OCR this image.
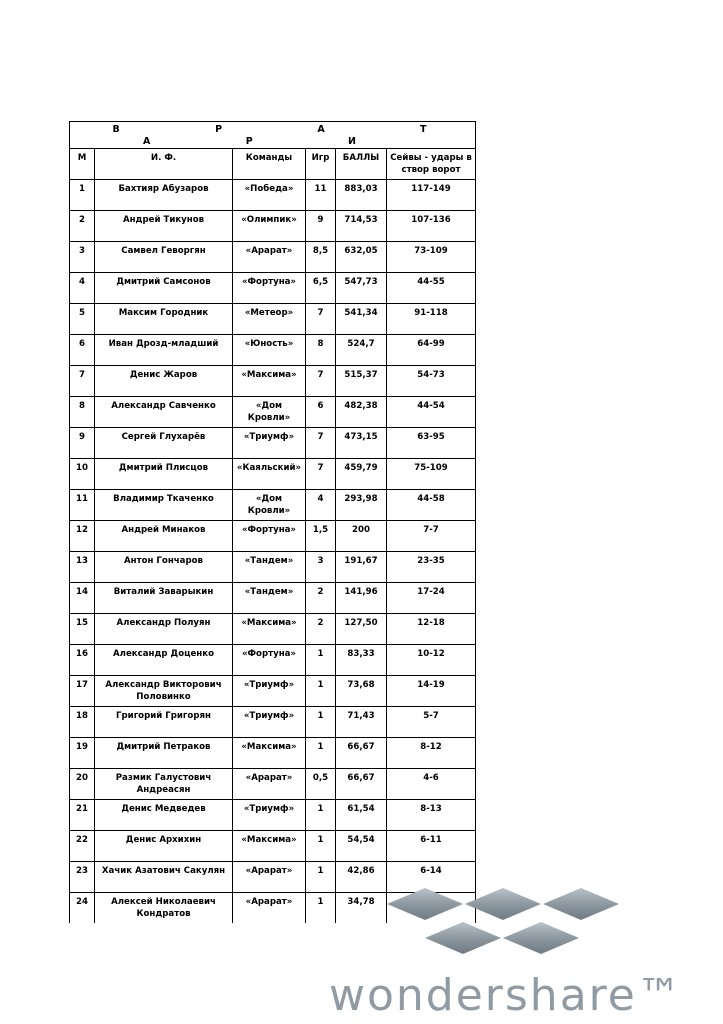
В Р А Т А Р И					
М	И. Ф.	Команды	Игр	БАЛЛЫ	Сейвы - удары в створ ворот
1	Бахтияр Абузаров	«Победа»	11	883,03	117-149
2	Андрей Тикунов	«Олимпик»	9	714,53	107-136
3	Самвел Геворгян	«Арарат»	8,5	632,05	73-109
4	Дмитрий Самсонов	«Фортуна»	6,5	547,73	44-55
5	Максим Городник	«Метеор»	7	541,34	91-118
6	Иван Дрозд-младший	«Юность»	8	524,7	64-99
7	Денис Жаров	«Максима»	7	515,37	54-73
8	Александр Савченко	«Дом Кровли»	6	482,38	44-54
9	Сергей Глухарёв	«Триумф»	7	473,15	63-95
10	Дмитрий Плисцов	«Каяльский»	7	459,79	75-109
11	Владимир Ткаченко	«Дом Кровли»	4	293,98	44-58
12	Андрей Минаков	«Фортуна»	1,5	200	7-7
13	Антон Гончаров	«Тандем»	3	191,67	23-35
14	Виталий Заварыкин	«Тандем»	2	141,96	17-24
15	Александр Полуян	«Максима»	2	127,50	12-18
16	Александр Доценко	«Фортуна»	1	83,33	10-12
17	Александр Викторович Половинко	«Триумф»	1	73,68	14-19
18	Григорий Григорян	«Триумф»	1	71,43	5-7
19	Дмитрий Петраков	«Максима»	1	66,67	8-12
20	Размик Галустович Андреасян	«Арарат»	0,5	66,67	4-6
21	Денис Медведев	«Триумф»	1	61,54	8-13
22	Денис Архихин	«Максима»	1	54,54	6-11
23	Хачик Азатович Сакулян	«Арарат»	1	42,86	6-14
24	Алексей Николаевич Кондратов	«Арарат»	1	34,78	
wondershare™
